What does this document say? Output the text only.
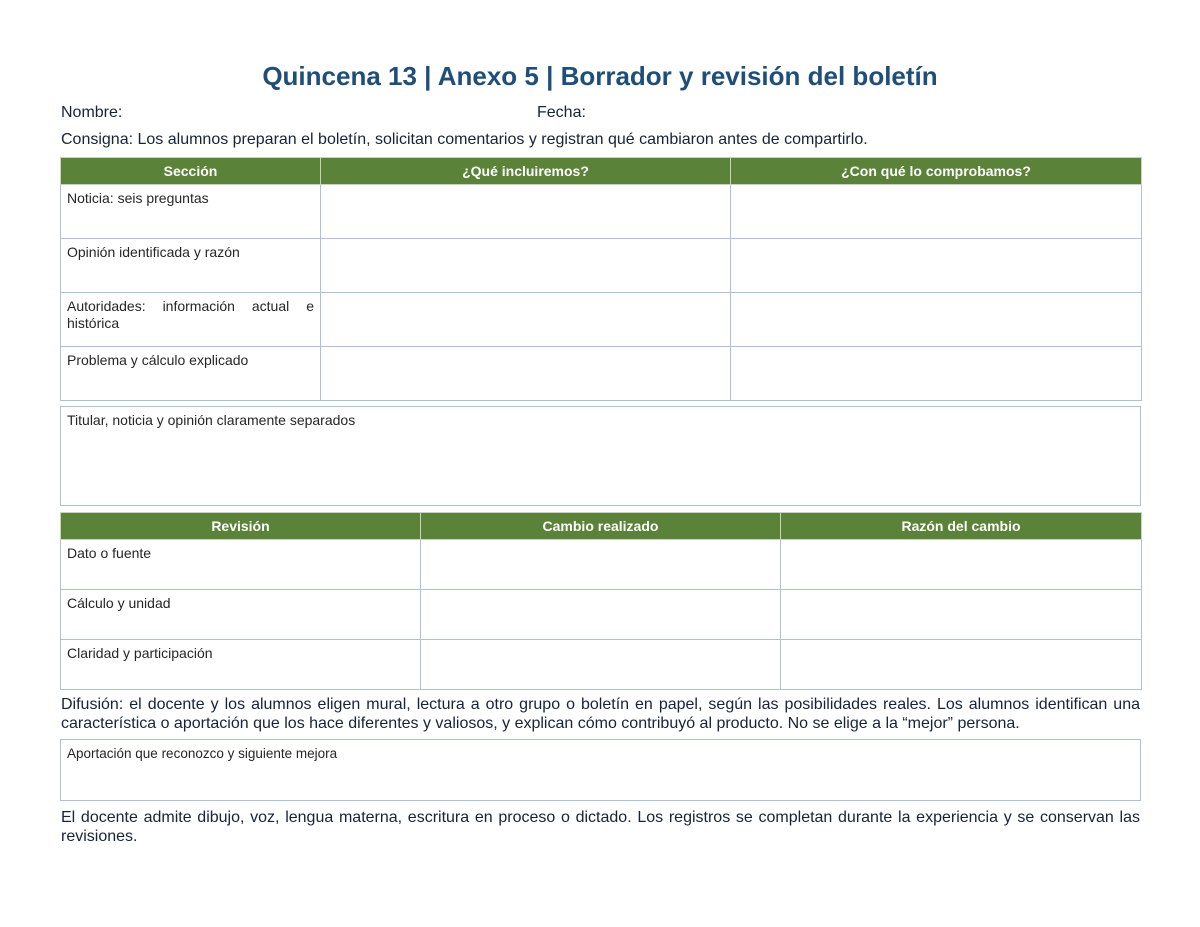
Quincena 13 | Anexo 5 | Borrador y revisión del boletín
Nombre:	Fecha:
Consigna: Los alumnos preparan el boletín, solicitan comentarios y registran qué cambiaron antes de compartirlo.
Sección	¿Qué incluiremos?	¿Con qué lo comprobamos?
Noticia: seis preguntas		
Opinión identificada y razón		
Autoridades: información actual e histórica		
Problema y cálculo explicado		
Titular, noticia y opinión claramente separados
Revisión	Cambio realizado	Razón del cambio
Dato o fuente		
Cálculo y unidad		
Claridad y participación		
Difusión: el docente y los alumnos eligen mural, lectura a otro grupo o boletín en papel, según las posibilidades reales. Los alumnos identifican una característica o aportación que los hace diferentes y valiosos, y explican cómo contribuyó al producto. No se elige a la “mejor” persona.
Aportación que reconozco y siguiente mejora
El docente admite dibujo, voz, lengua materna, escritura en proceso o dictado. Los registros se completan durante la experiencia y se conservan las revisiones.
